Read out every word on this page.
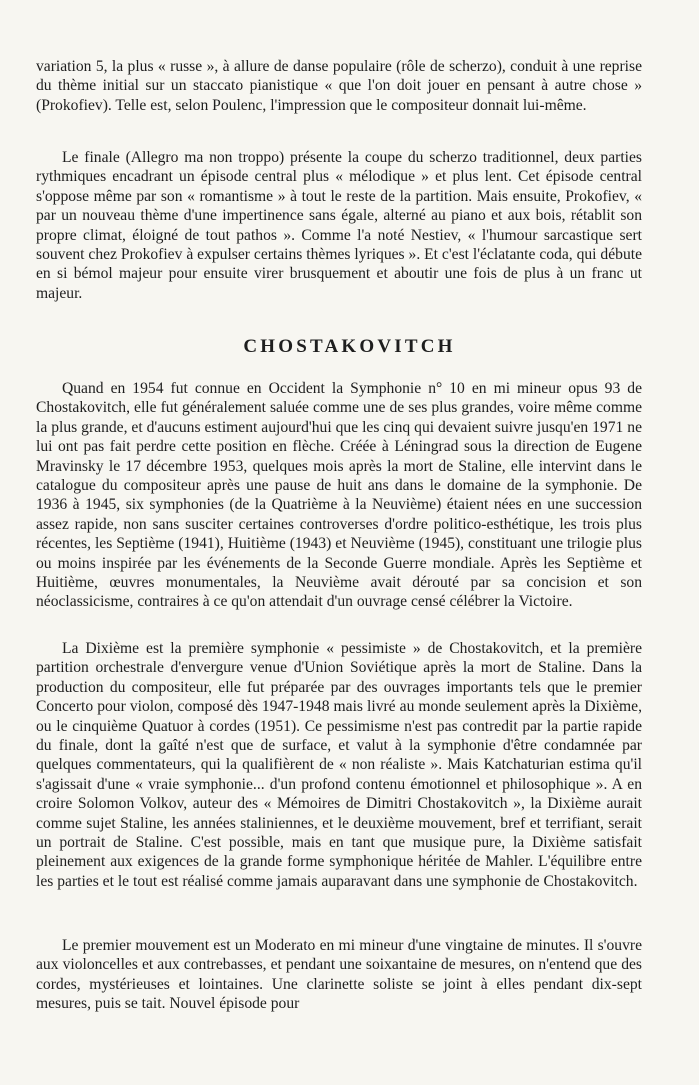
variation 5, la plus « russe », à allure de danse populaire (rôle de scherzo), conduit à une reprise du thème initial sur un staccato pianistique « que l'on doit jouer en pensant à autre chose » (Prokofiev). Telle est, selon Poulenc, l'impression que le compositeur donnait lui-même.

Le finale (Allegro ma non troppo) présente la coupe du scherzo traditionnel, deux parties rythmiques encadrant un épisode central plus « mélodique » et plus lent. Cet épisode central s'oppose même par son « romantisme » à tout le reste de la partition. Mais ensuite, Prokofiev, « par un nouveau thème d'une impertinence sans égale, alterné au piano et aux bois, rétablit son propre climat, éloigné de tout pathos ». Comme l'a noté Nestiev, « l'humour sarcastique sert souvent chez Prokofiev à expulser certains thèmes lyriques ». Et c'est l'éclatante coda, qui débute en si bémol majeur pour ensuite virer brusquement et aboutir une fois de plus à un franc ut majeur.

CHOSTAKOVITCH

Quand en 1954 fut connue en Occident la Symphonie n° 10 en mi mineur opus 93 de Chostakovitch, elle fut généralement saluée comme une de ses plus grandes, voire même comme la plus grande, et d'aucuns estiment aujourd'hui que les cinq qui devaient suivre jusqu'en 1971 ne lui ont pas fait perdre cette position en flèche. Créée à Léningrad sous la direction de Eugene Mravinsky le 17 décembre 1953, quelques mois après la mort de Staline, elle intervint dans le catalogue du compositeur après une pause de huit ans dans le domaine de la symphonie. De 1936 à 1945, six symphonies (de la Quatrième à la Neuvième) étaient nées en une succession assez rapide, non sans susciter certaines controverses d'ordre politico-esthétique, les trois plus récentes, les Septième (1941), Huitième (1943) et Neuvième (1945), constituant une trilogie plus ou moins inspirée par les événements de la Seconde Guerre mondiale. Après les Septième et Huitième, œuvres monumentales, la Neuvième avait dérouté par sa concision et son néoclassicisme, contraires à ce qu'on attendait d'un ouvrage censé célébrer la Victoire.

La Dixième est la première symphonie « pessimiste » de Chostakovitch, et la première partition orchestrale d'envergure venue d'Union Soviétique après la mort de Staline. Dans la production du compositeur, elle fut préparée par des ouvrages importants tels que le premier Concerto pour violon, composé dès 1947-1948 mais livré au monde seulement après la Dixième, ou le cinquième Quatuor à cordes (1951). Ce pessimisme n'est pas contredit par la partie rapide du finale, dont la gaîté n'est que de surface, et valut à la symphonie d'être condamnée par quelques commentateurs, qui la qualifièrent de « non réaliste ». Mais Katchaturian estima qu'il s'agissait d'une « vraie symphonie... d'un profond contenu émotionnel et philosophique ». A en croire Solomon Volkov, auteur des « Mémoires de Dimitri Chostakovitch », la Dixième aurait comme sujet Staline, les années staliniennes, et le deuxième mouvement, bref et terrifiant, serait un portrait de Staline. C'est possible, mais en tant que musique pure, la Dixième satisfait pleinement aux exigences de la grande forme symphonique héritée de Mahler. L'équilibre entre les parties et le tout est réalisé comme jamais auparavant dans une symphonie de Chostakovitch.

Le premier mouvement est un Moderato en mi mineur d'une vingtaine de minutes. Il s'ouvre aux violoncelles et aux contrebasses, et pendant une soixantaine de mesures, on n'entend que des cordes, mystérieuses et lointaines. Une clarinette soliste se joint à elles pendant dix-sept mesures, puis se tait. Nouvel épisode pour
